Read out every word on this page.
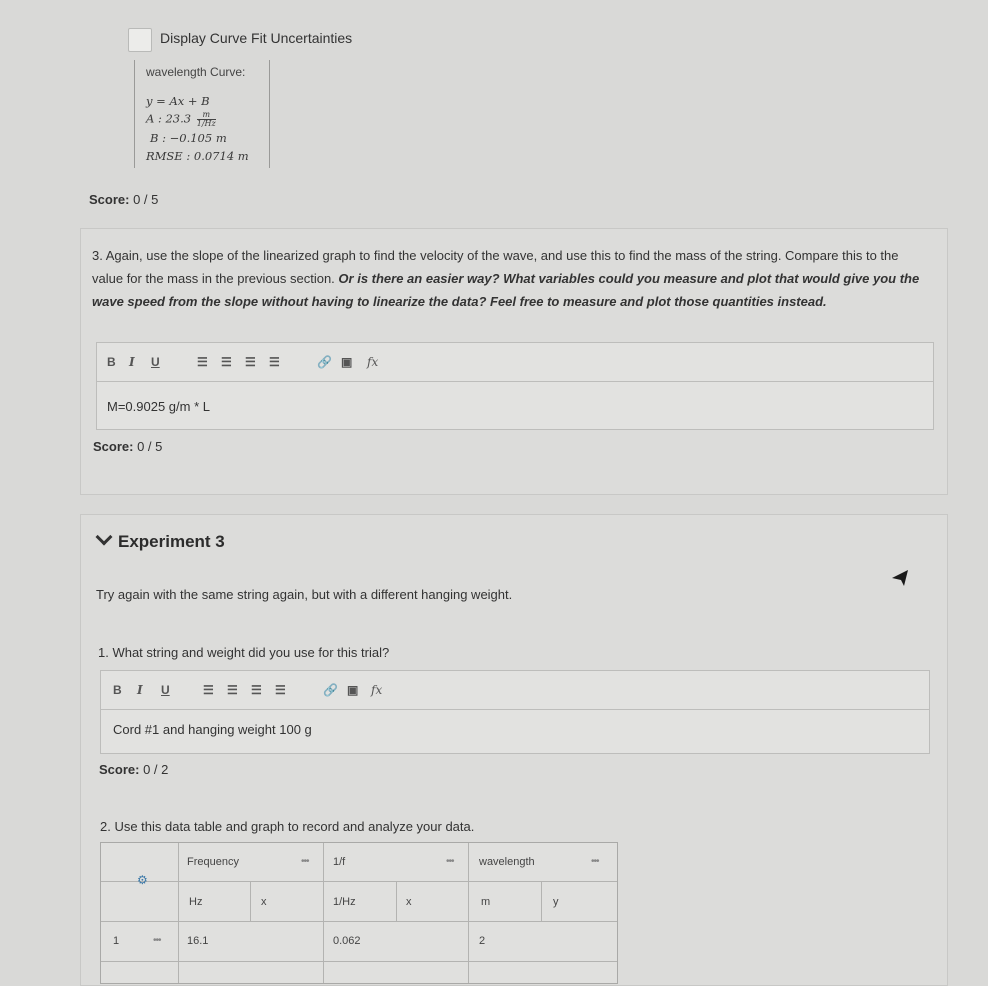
Display Curve Fit Uncertainties
wavelength Curve:
y = Ax + B
A : $23.3 \frac{m}{1/Hz}$
B : −0.105 m
RMSE : 0.0714 m
Score: 0 / 5
3. Again, use the slope of the linearized graph to find the velocity of the wave, and use this to find the mass of the string. Compare this to the value for the mass in the previous section. Or is there an easier way? What variables could you measure and plot that would give you the wave speed from the slope without having to linearize the data? Feel free to measure and plot those quantities instead.
B I U	☰ ☰ ☰ ☰	🔗 ▣ fx
M=0.9025 g/m * L
Score: 0 / 5
Experiment 3
Try again with the same string again, but with a different hanging weight.
1. What string and weight did you use for this trial?
B I U	☰ ☰ ☰ ☰	🔗 ▣ fx
Cord #1 and hanging weight 100 g
Score: 0 / 2
2. Use this data table and graph to record and analyze your data.
⚙
Frequency	••• 1/f	••• wavelength	•••
Hz	x	1/Hz	x	m	y
1	••• 16.1	0.062	2
